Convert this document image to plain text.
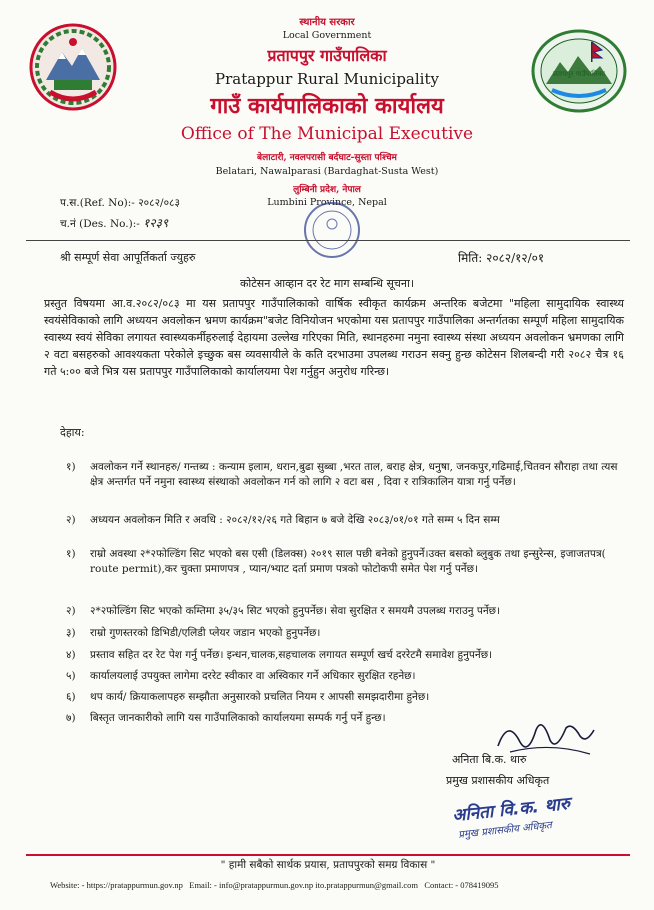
प्रतापपुर गाउँपालिका
स्थानीय सरकार
Local Government
प्रतापपुर गाउँपालिका
Pratappur Rural Municipality
गाउँ कार्यपालिकाको कार्यालय
Office of The Municipal Executive
बेलाटारी, नवलपरासी बर्दघाट-सुस्ता पश्चिम
Belatari, Nawalparasi (Bardaghat-Susta West)
लुम्बिनी प्रदेश, नेपाल
Lumbini Province, Nepal
प.स.(Ref. No):- २०८२/०८३
च.नं (Des. No.):- १२३९
श्री सम्पूर्ण सेवा आपूर्तिकर्ता ज्युहरु	मिति: २०८२/१२/०१
कोटेसन आव्हान दर रेट माग सम्बन्धि सूचना।
प्रस्तुत विषयमा आ.व.२०८२/०८३ मा यस प्रतापपुर गाउँपालिकाको वार्षिक स्वीकृत कार्यक्रम अन्तरिक बजेटमा "महिला सामुदायिक स्वास्थ्य स्वयंसेविकाको लागि अध्ययन अवलोकन भ्रमण कार्यक्रम"बजेट विनियोजन भएकोमा यस प्रतापपुर गाउँपालिका अन्तर्गतका सम्पूर्ण महिला सामुदायिक स्वास्थ्य स्वयं सेविका लगायत स्वास्थ्यकर्मीहरुलाई देहायमा उल्लेख गरिएका मिति, स्थानहरुमा नमुना स्वास्थ्य संस्था अध्ययन अवलोकन भ्रमणका लागि २ वटा बसहरुको आवश्यकता परेकोले इच्छुक बस व्यवसायीले के कति दरभाउमा उपलब्ध गराउन सक्नु हुन्छ कोटेसन शिलबन्दी गरी २०८२ चैत्र १६ गते ५:०० बजे भित्र यस प्रतापपुर गाउँपालिकाको कार्यालयमा पेश गर्नुहुन अनुरोध गरिन्छ।
देहाय:
१)	अवलोकन गर्ने स्थानहरु/ गन्तब्य : कन्याम इलाम, धरान,बुढा सुब्बा ,भरत ताल, बराह क्षेत्र, धनुषा, जनकपुर,गढिमाई,चितवन सौराहा तथा त्यस क्षेत्र अन्तर्गत पर्ने नमुना स्वास्थ्य संस्थाको अवलोकन गर्न को लागि २ वटा बस , दिवा र रात्रिकालिन यात्रा गर्नु पर्नेछ।
२)	अध्ययन अवलोकन मिति र अवधि : २०८२/१२/२६ गते बिहान ७ बजे देखि २०८३/०१/०१ गते सम्म ५ दिन सम्म
१)	राम्रो अवस्था २*२फोल्डिंग सिट भएको बस एसी (डिलक्स) २०१९ साल पछी बनेको हुनुपर्ने।उक्त बसको ब्लुबुक तथा इन्सुरेन्स, इजाजतपत्र( route permit),कर चुक्ता प्रमाणपत्र , प्यान/भ्याट दर्ता प्रमाण पत्रको फोटोकपी समेत पेश गर्नु पर्नेछ।
२)	२*२फोल्डिंग सिट भएको कम्तिमा ३५/३५ सिट भएको हुनुपर्नेछ। सेवा सुरक्षित र समयमै उपलब्ध गराउनु पर्नेछ।
३)	राम्रो गुणस्तरको डिभिडी/एलिडी प्लेयर जडान भएको हुनुपर्नेछ।
४)	प्रस्ताव सहित दर रेट पेश गर्नु पर्नेछ। इन्धन,चालक,सहचालक लगायत सम्पूर्ण खर्च दररेटमै समावेश हुनुपर्नेछ।
५)	कार्यालयलाई उपयुक्त लागेमा दररेट स्वीकार वा अस्विकार गर्ने अधिकार सुरक्षित रहनेछ।
६)	थप कार्य/ क्रियाकलापहरु सम्झौता अनुसारको प्रचलित नियम र आपसी समझदारीमा हुनेछ।
७)	बिस्तृत जानकारीको लागि यस गाउँपालिकाको कार्यालयमा सम्पर्क गर्नु पर्ने हुन्छ।
अनिता बि.क. थारु
प्रमुख प्रशासकीय अधिकृत
अनिता वि.क. थारु
प्रमुख प्रशासकीय अधिकृत
" हामी सबैको सार्थक प्रयास, प्रतापपुरको समग्र विकास "
Website: - https://pratappurmun.gov.np Email: - info@pratappurmun.gov.np ito.pratappurmun@gmail.com Contact: - 078419095
